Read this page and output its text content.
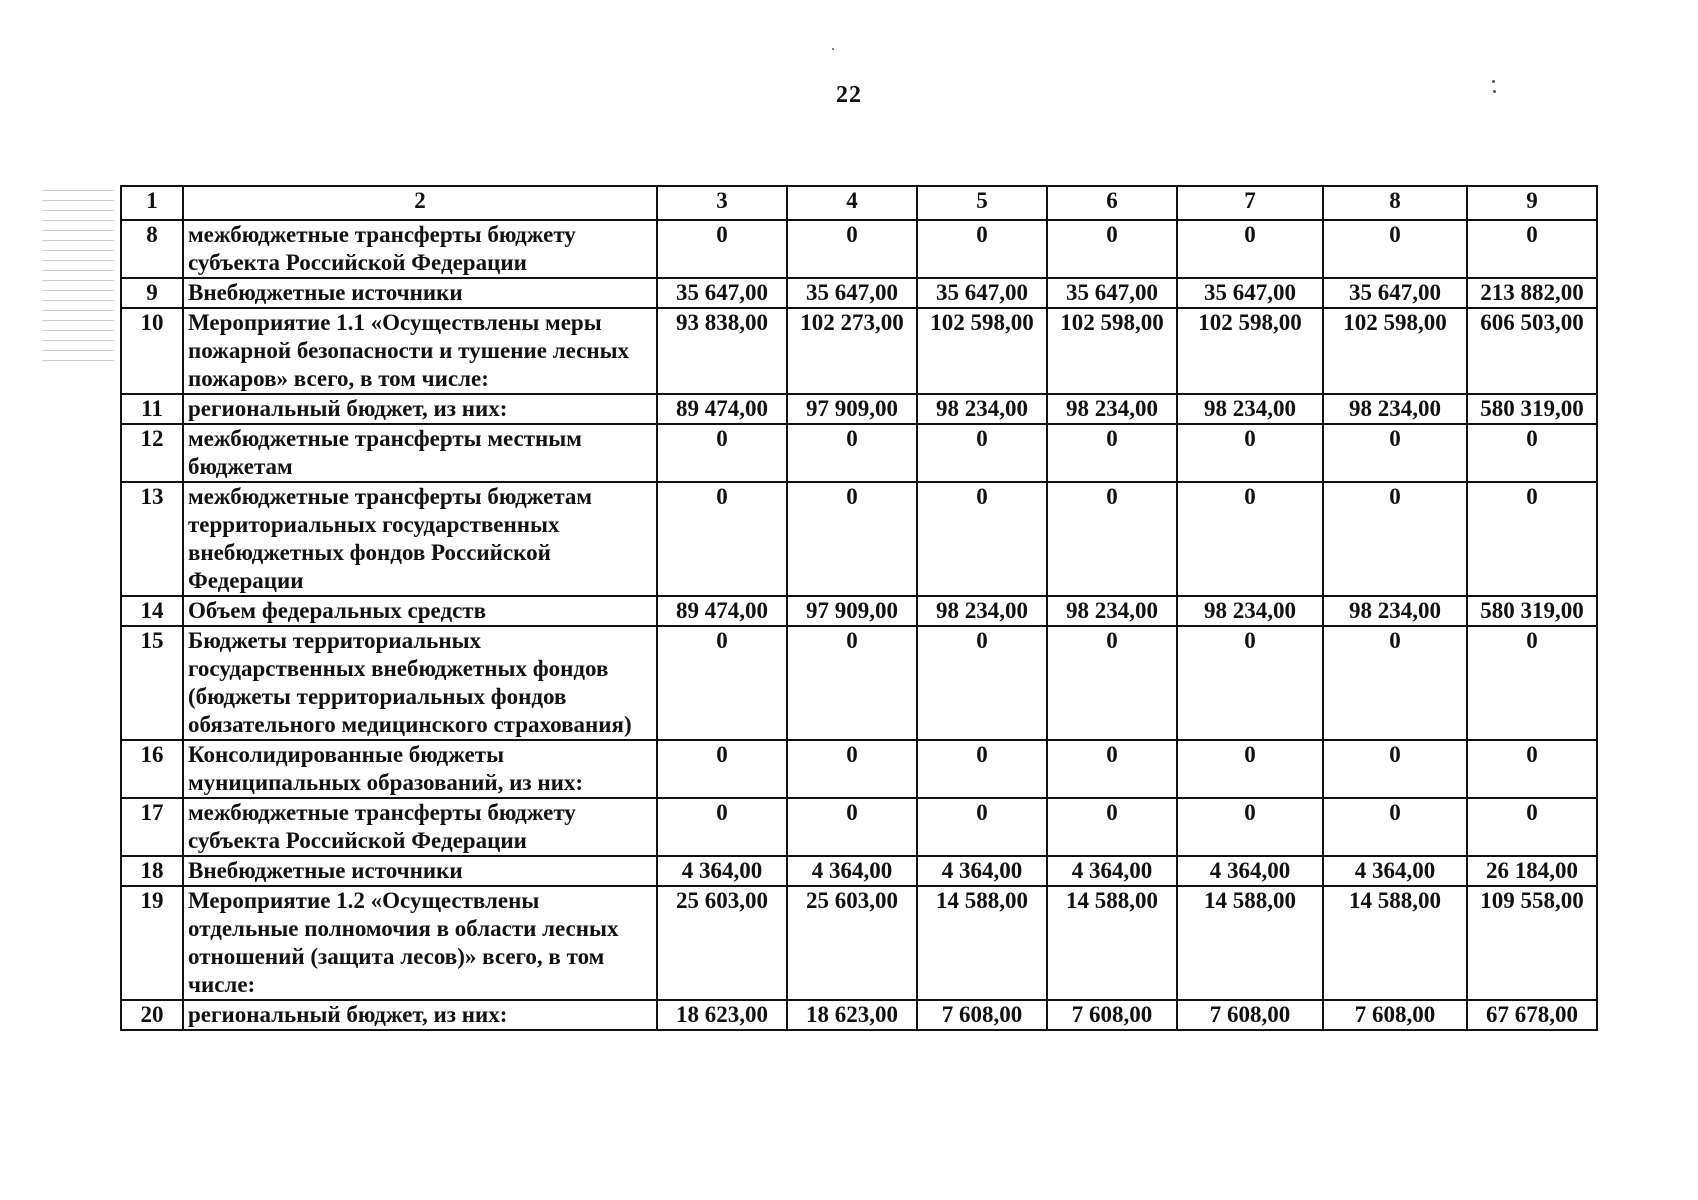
22
1	2	3	4	5	6	7	8	9
8	межбюджетные трансферты бюджету субъекта Российской Федерации	0	0	0	0	0	0	0
9	Внебюджетные источники	35 647,00	35 647,00	35 647,00	35 647,00	35 647,00	35 647,00	213 882,00
10	Мероприятие 1.1 «Осуществлены меры пожарной безопасности и тушение лесных пожаров» всего, в том числе:	93 838,00	102 273,00	102 598,00	102 598,00	102 598,00	102 598,00	606 503,00
11	региональный бюджет, из них:	89 474,00	97 909,00	98 234,00	98 234,00	98 234,00	98 234,00	580 319,00
12	межбюджетные трансферты местным бюджетам	0	0	0	0	0	0	0
13	межбюджетные трансферты бюджетам территориальных государственных внебюджетных фондов Российской Федерации	0	0	0	0	0	0	0
14	Объем федеральных средств	89 474,00	97 909,00	98 234,00	98 234,00	98 234,00	98 234,00	580 319,00
15	Бюджеты территориальных государственных внебюджетных фондов (бюджеты территориальных фондов обязательного медицинского страхования)	0	0	0	0	0	0	0
16	Консолидированные бюджеты муниципальных образований, из них:	0	0	0	0	0	0	0
17	межбюджетные трансферты бюджету субъекта Российской Федерации	0	0	0	0	0	0	0
18	Внебюджетные источники	4 364,00	4 364,00	4 364,00	4 364,00	4 364,00	4 364,00	26 184,00
19	Мероприятие 1.2 «Осуществлены отдельные полномочия в области лесных отношений (защита лесов)» всего, в том числе:	25 603,00	25 603,00	14 588,00	14 588,00	14 588,00	14 588,00	109 558,00
20	региональный бюджет, из них:	18 623,00	18 623,00	7 608,00	7 608,00	7 608,00	7 608,00	67 678,00
